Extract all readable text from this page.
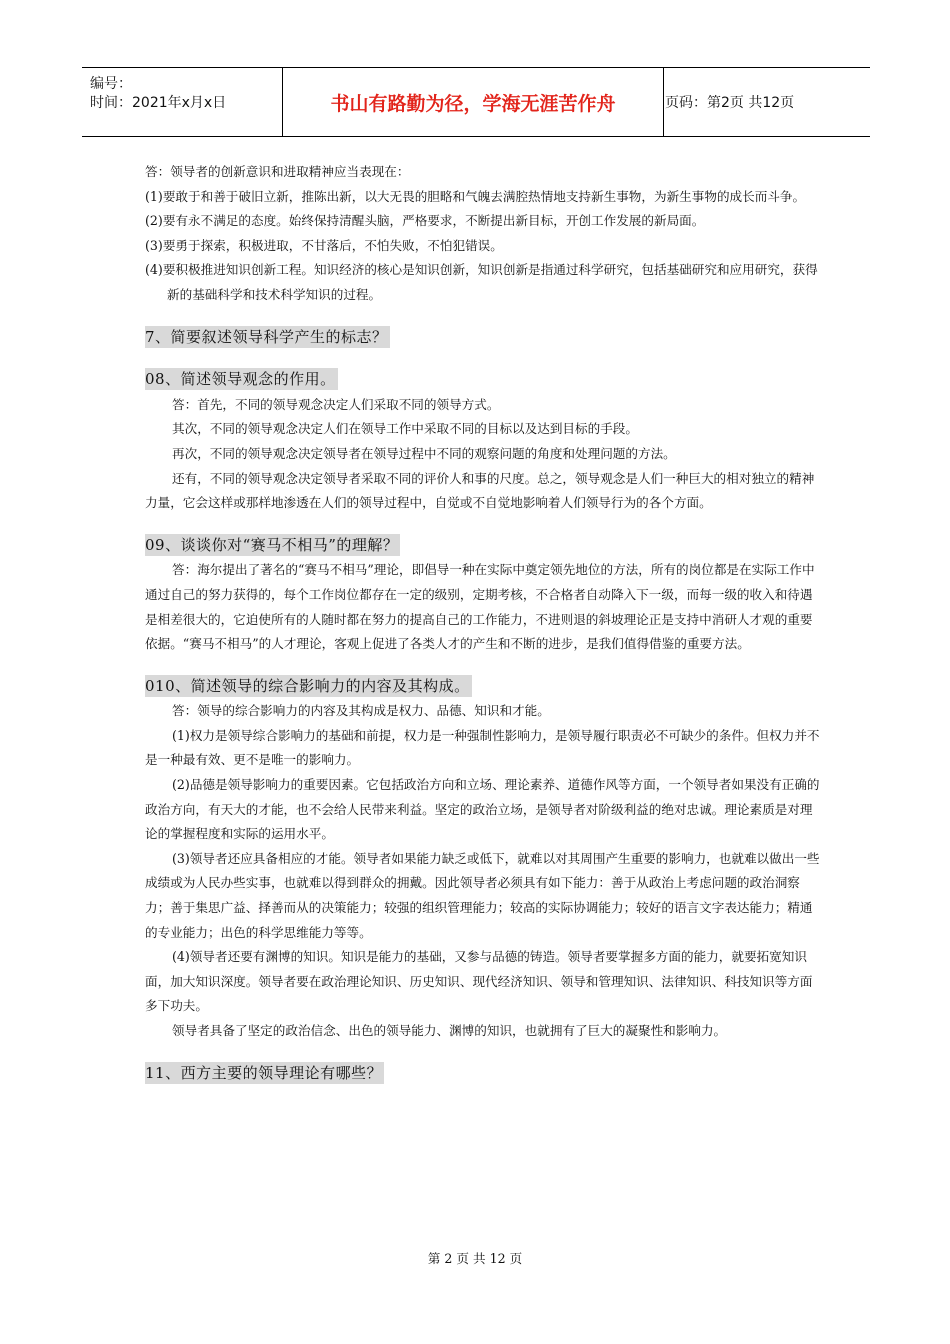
编号：
时间：2021年x月x日	书山有路勤为径，学海无涯苦作舟	页码：第2页 共12页

答：领导者的创新意识和进取精神应当表现在：

(1)要敢于和善于破旧立新，推陈出新，以大无畏的胆略和气魄去满腔热情地支持新生事物，为新生事物的成长而斗争。

(2)要有永不满足的态度。始终保持清醒头脑，严格要求，不断提出新目标，开创工作发展的新局面。

(3)要勇于探索，积极进取，不甘落后，不怕失败，不怕犯错误。

(4)要积极推进知识创新工程。知识经济的核心是知识创新，知识创新是指通过科学研究，包括基础研究和应用研究，获得新的基础科学和技术科学知识的过程。

7、简要叙述领导科学产生的标志？

08、简述领导观念的作用。

答：首先，不同的领导观念决定人们采取不同的领导方式。

其次，不同的领导观念决定人们在领导工作中采取不同的目标以及达到目标的手段。

再次，不同的领导观念决定领导者在领导过程中不同的观察问题的角度和处理问题的方法。

还有，不同的领导观念决定领导者采取不同的评价人和事的尺度。总之，领导观念是人们一种巨大的相对独立的精神力量，它会这样或那样地渗透在人们的领导过程中，自觉或不自觉地影响着人们领导行为的各个方面。

09、谈谈你对“赛马不相马”的理解？

答：海尔提出了著名的“赛马不相马”理论，即倡导一种在实际中奠定领先地位的方法，所有的岗位都是在实际工作中通过自己的努力获得的，每个工作岗位都存在一定的级别，定期考核，不合格者自动降入下一级，而每一级的收入和待遇是相差很大的，它迫使所有的人随时都在努力的提高自己的工作能力，不进则退的斜坡理论正是支持中消研人才观的重要依据。“赛马不相马”的人才理论，客观上促进了各类人才的产生和不断的进步，是我们值得借鉴的重要方法。

010、简述领导的综合影响力的内容及其构成。

答：领导的综合影响力的内容及其构成是权力、品德、知识和才能。

(1)权力是领导综合影响力的基础和前提，权力是一种强制性影响力，是领导履行职责必不可缺少的条件。但权力并不是一种最有效、更不是唯一的影响力。

(2)品德是领导影响力的重要因素。它包括政治方向和立场、理论素养、道德作风等方面，一个领导者如果没有正确的政治方向，有天大的才能，也不会给人民带来利益。坚定的政治立场，是领导者对阶级利益的绝对忠诚。理论素质是对理论的掌握程度和实际的运用水平。

(3)领导者还应具备相应的才能。领导者如果能力缺乏或低下，就难以对其周围产生重要的影响力，也就难以做出一些成绩或为人民办些实事，也就难以得到群众的拥戴。因此领导者必须具有如下能力：善于从政治上考虑问题的政治洞察力；善于集思广益、择善而从的决策能力；较强的组织管理能力；较高的实际协调能力；较好的语言文字表达能力；精通的专业能力；出色的科学思维能力等等。

(4)领导者还要有渊博的知识。知识是能力的基础，又参与品德的铸造。领导者要掌握多方面的能力，就要拓宽知识面，加大知识深度。领导者要在政治理论知识、历史知识、现代经济知识、领导和管理知识、法律知识、科技知识等方面多下功夫。

领导者具备了坚定的政治信念、出色的领导能力、渊博的知识，也就拥有了巨大的凝聚性和影响力。

11、西方主要的领导理论有哪些？

第 2 页 共 12 页
